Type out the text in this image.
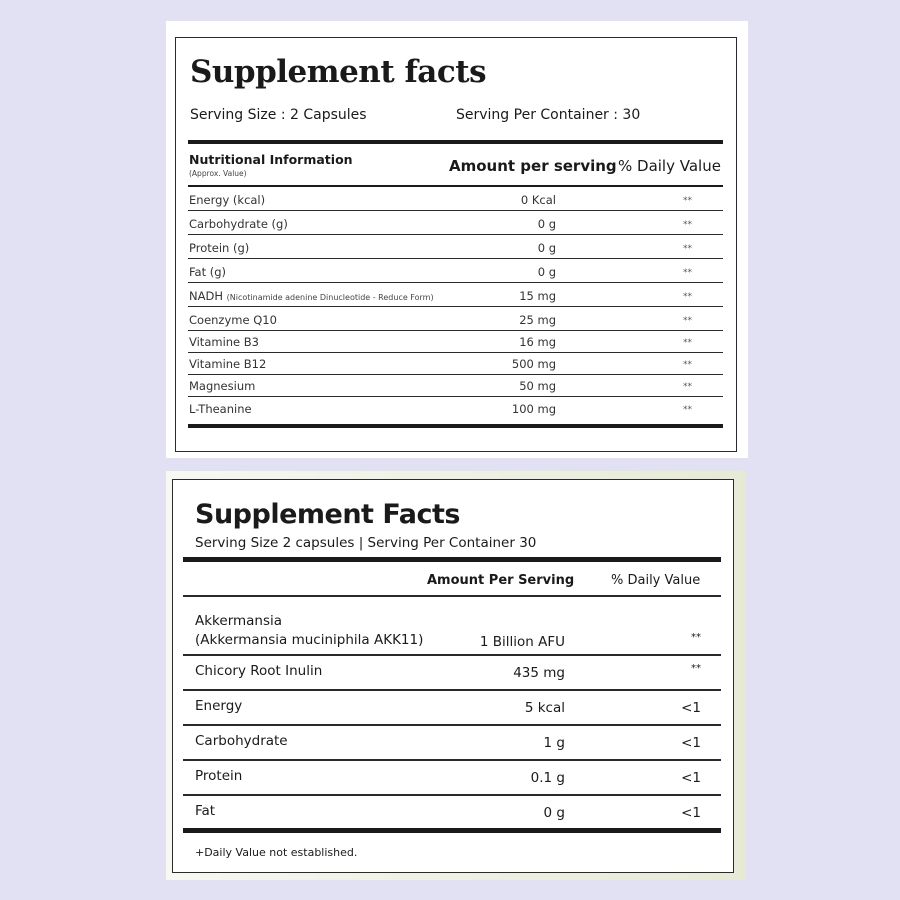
Supplement facts
Serving Size : 2 Capsules	Serving Per Container : 30
Nutritional Information
(Approx. Value)	Amount per serving % Daily Value
Energy (kcal)	0 Kcal	**
Carbohydrate (g)	0 g	**
Protein (g)	0 g	**
Fat (g)	0 g	**
NADH (Nicotinamide adenine Dinucleotide - Reduce Form)	15 mg	**
Coenzyme Q10	25 mg	**
Vitamine B3	16 mg	**
Vitamine B12	500 mg	**
Magnesium	50 mg	**
L-Theanine	100 mg	**
Supplement Facts
Serving Size 2 capsules | Serving Per Container 30
Amount Per Serving	% Daily Value
Akkermansia
(Akkermansia muciniphila AKK11)	1 Billion AFU	**
Chicory Root Inulin	435 mg	**
Energy	5 kcal	<1
Carbohydrate	1 g	<1
Protein	0.1 g	<1
Fat	0 g	<1
+Daily Value not established.
